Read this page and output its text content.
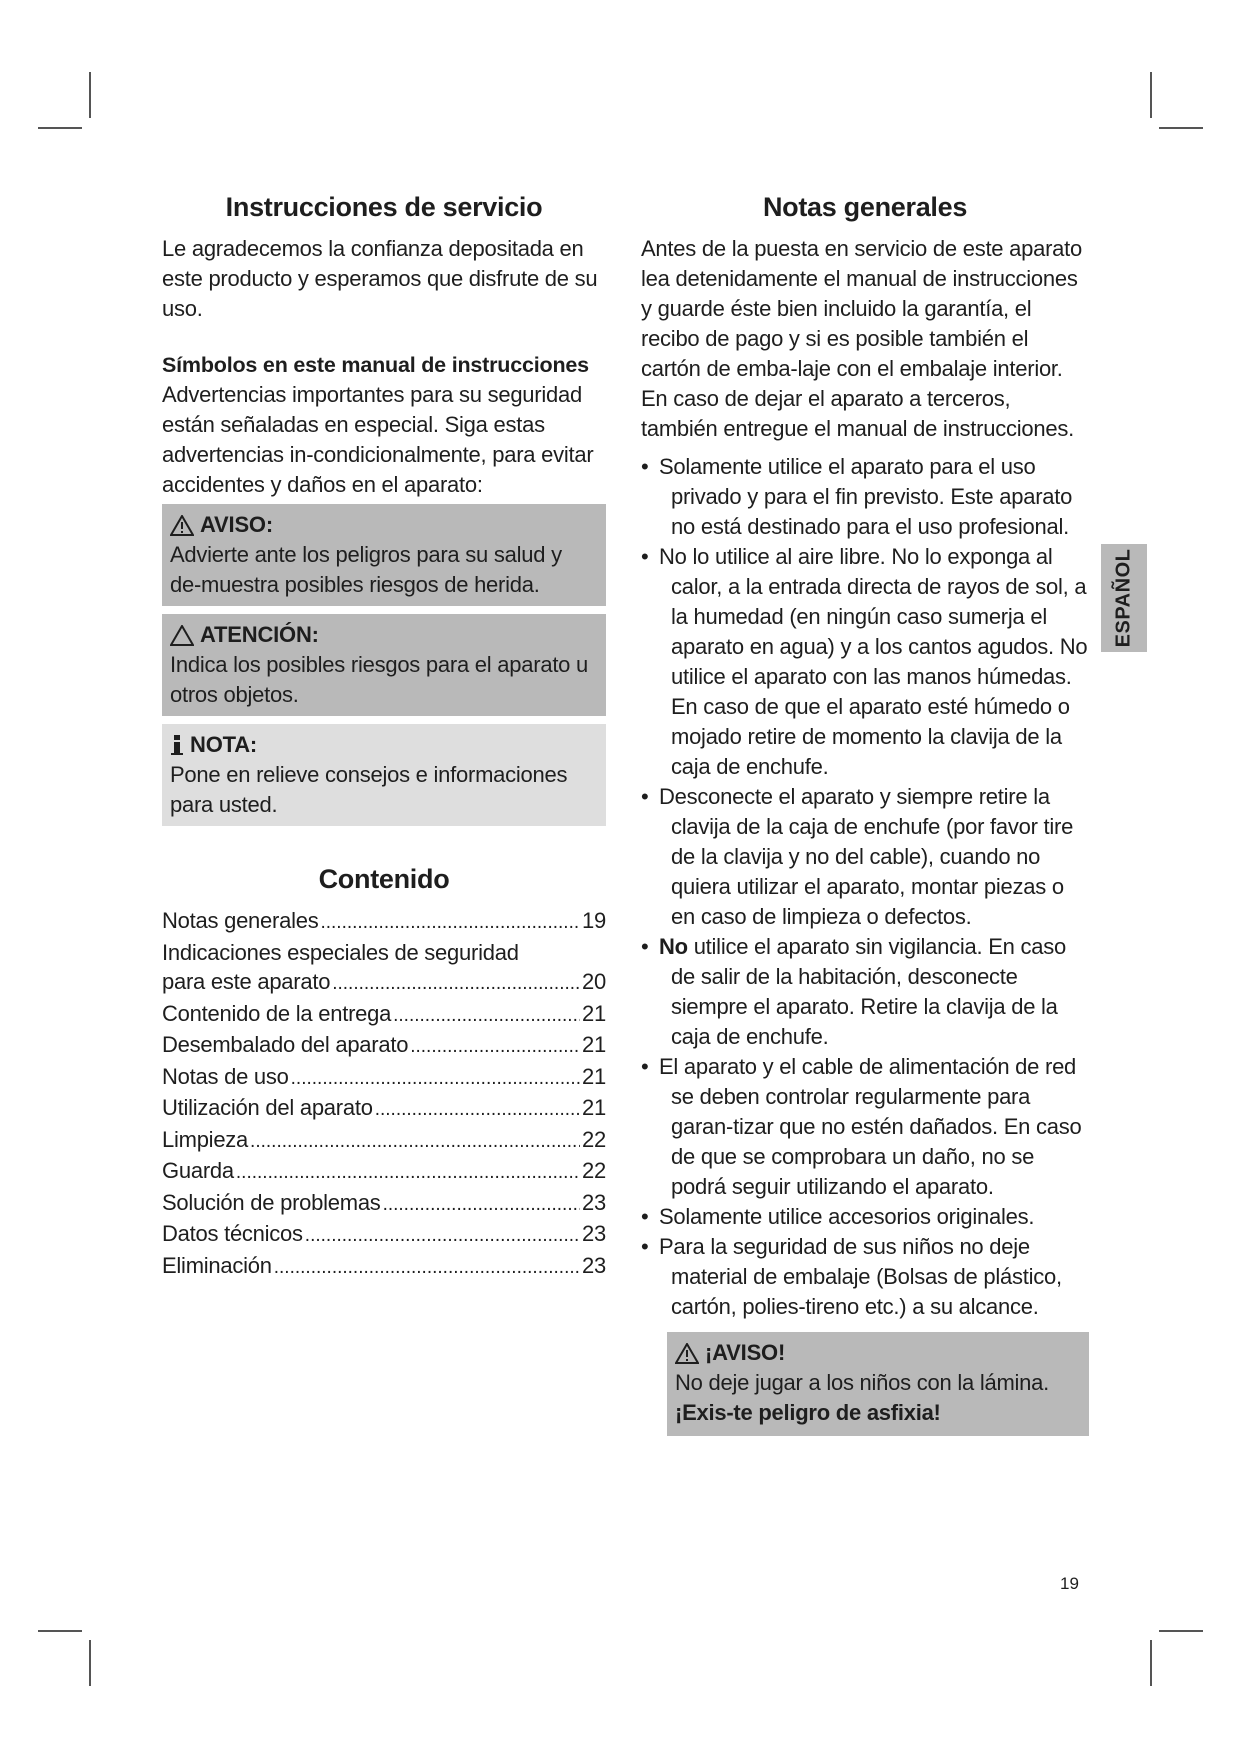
Instrucciones de servicio

Le agradecemos la confianza depositada en este producto y esperamos que disfrute de su uso.

Símbolos en este manual de instrucciones

Advertencias importantes para su seguridad están señaladas en especial. Siga estas advertencias in-condicionalmente, para evitar accidentes y daños en el aparato:

AVISO:
Advierte ante los peligros para su salud y de-muestra posibles riesgos de herida.
ATENCIÓN:
Indica los posibles riesgos para el aparato u otros objetos.
NOTA:
Pone en relieve consejos e informaciones para usted.
Contenido
Notas generales .....	19
Indicaciones especiales de seguridad
para este aparato .....	20
Contenido de la entrega .....	21
Desembalado del aparato .....	21
Notas de uso .....	21
Utilización del aparato .....	21
Limpieza .....	22
Guarda .....	22
Solución de problemas .....	23
Datos técnicos .....	23
Eliminación .....	23
Notas generales

Antes de la puesta en servicio de este aparato lea detenidamente el manual de instrucciones y guarde éste bien incluido la garantía, el recibo de pago y si es posible también el cartón de emba-laje con el embalaje interior. En caso de dejar el aparato a terceros, también entregue el manual de instrucciones.

• Solamente utilice el aparato para el uso privado y para el fin previsto. Este aparato no está destinado para el uso profesional.
• No lo utilice al aire libre. No lo exponga al calor, a la entrada directa de rayos de sol, a la humedad (en ningún caso sumerja el aparato en agua) y a los cantos agudos. No utilice el aparato con las manos húmedas. En caso de que el aparato esté húmedo o mojado retire de momento la clavija de la caja de enchufe.
• Desconecte el aparato y siempre retire la clavija de la caja de enchufe (por favor tire de la clavija y no del cable), cuando no quiera utilizar el aparato, montar piezas o en caso de limpieza o defectos.
• No utilice el aparato sin vigilancia. En caso de salir de la habitación, desconecte siempre el aparato. Retire la clavija de la caja de enchufe.
• El aparato y el cable de alimentación de red se deben controlar regularmente para garan-tizar que no estén dañados. En caso de que se comprobara un daño, no se podrá seguir utilizando el aparato.
• Solamente utilice accesorios originales.
• Para la seguridad de sus niños no deje material de embalaje (Bolsas de plástico, cartón, polies-tireno etc.) a su alcance.
¡AVISO!
No deje jugar a los niños con la lámina. ¡Exis-te peligro de asfixia!
ESPAÑOL
19
